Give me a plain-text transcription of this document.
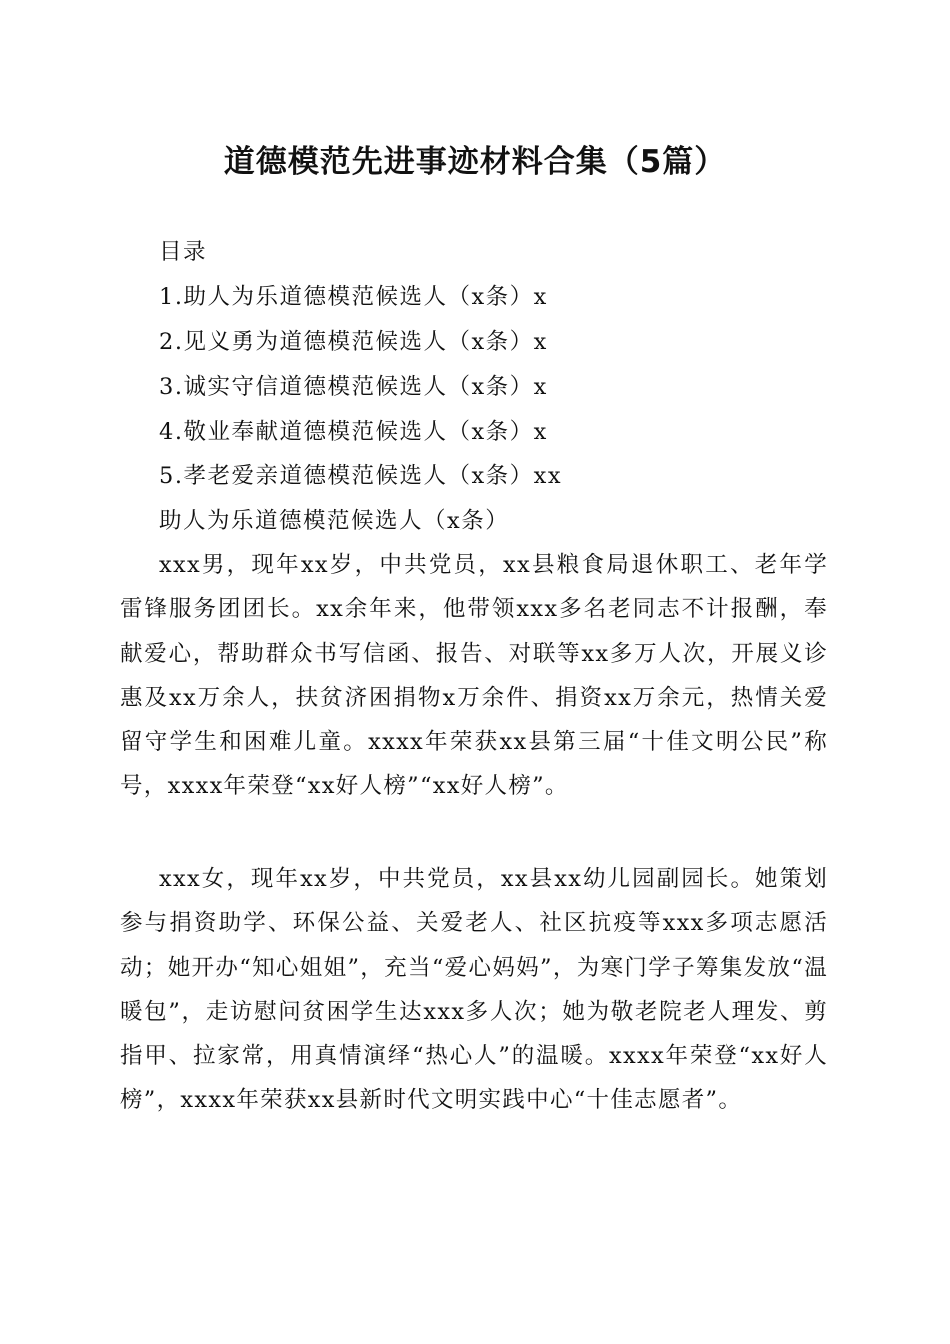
道德模范先进事迹材料合集（5篇）

目录

1.助人为乐道德模范候选人（x条）x

2.见义勇为道德模范候选人（x条）x

3.诚实守信道德模范候选人（x条）x

4.敬业奉献道德模范候选人（x条）x

5.孝老爱亲道德模范候选人（x条）xx

助人为乐道德模范候选人（x条）

xxx男，现年xx岁，中共党员，xx县粮食局退休职工、老年学雷锋服务团团长。xx余年来，他带领xxx多名老同志不计报酬，奉献爱心，帮助群众书写信函、报告、对联等xx多万人次，开展义诊惠及xx万余人，扶贫济困捐物x万余件、捐资xx万余元，热情关爱留守学生和困难儿童。xxxx年荣获xx县第三届“十佳文明公民”称号，xxxx年荣登“xx好人榜”“xx好人榜”。

xxx女，现年xx岁，中共党员，xx县xx幼儿园副园长。她策划参与捐资助学、环保公益、关爱老人、社区抗疫等xxx多项志愿活动；她开办“知心姐姐”，充当“爱心妈妈”，为寒门学子筹集发放“温暖包”，走访慰问贫困学生达xxx多人次；她为敬老院老人理发、剪指甲、拉家常，用真情演绎“热心人”的温暖。xxxx年荣登“xx好人榜”，xxxx年荣获xx县新时代文明实践中心“十佳志愿者”。
